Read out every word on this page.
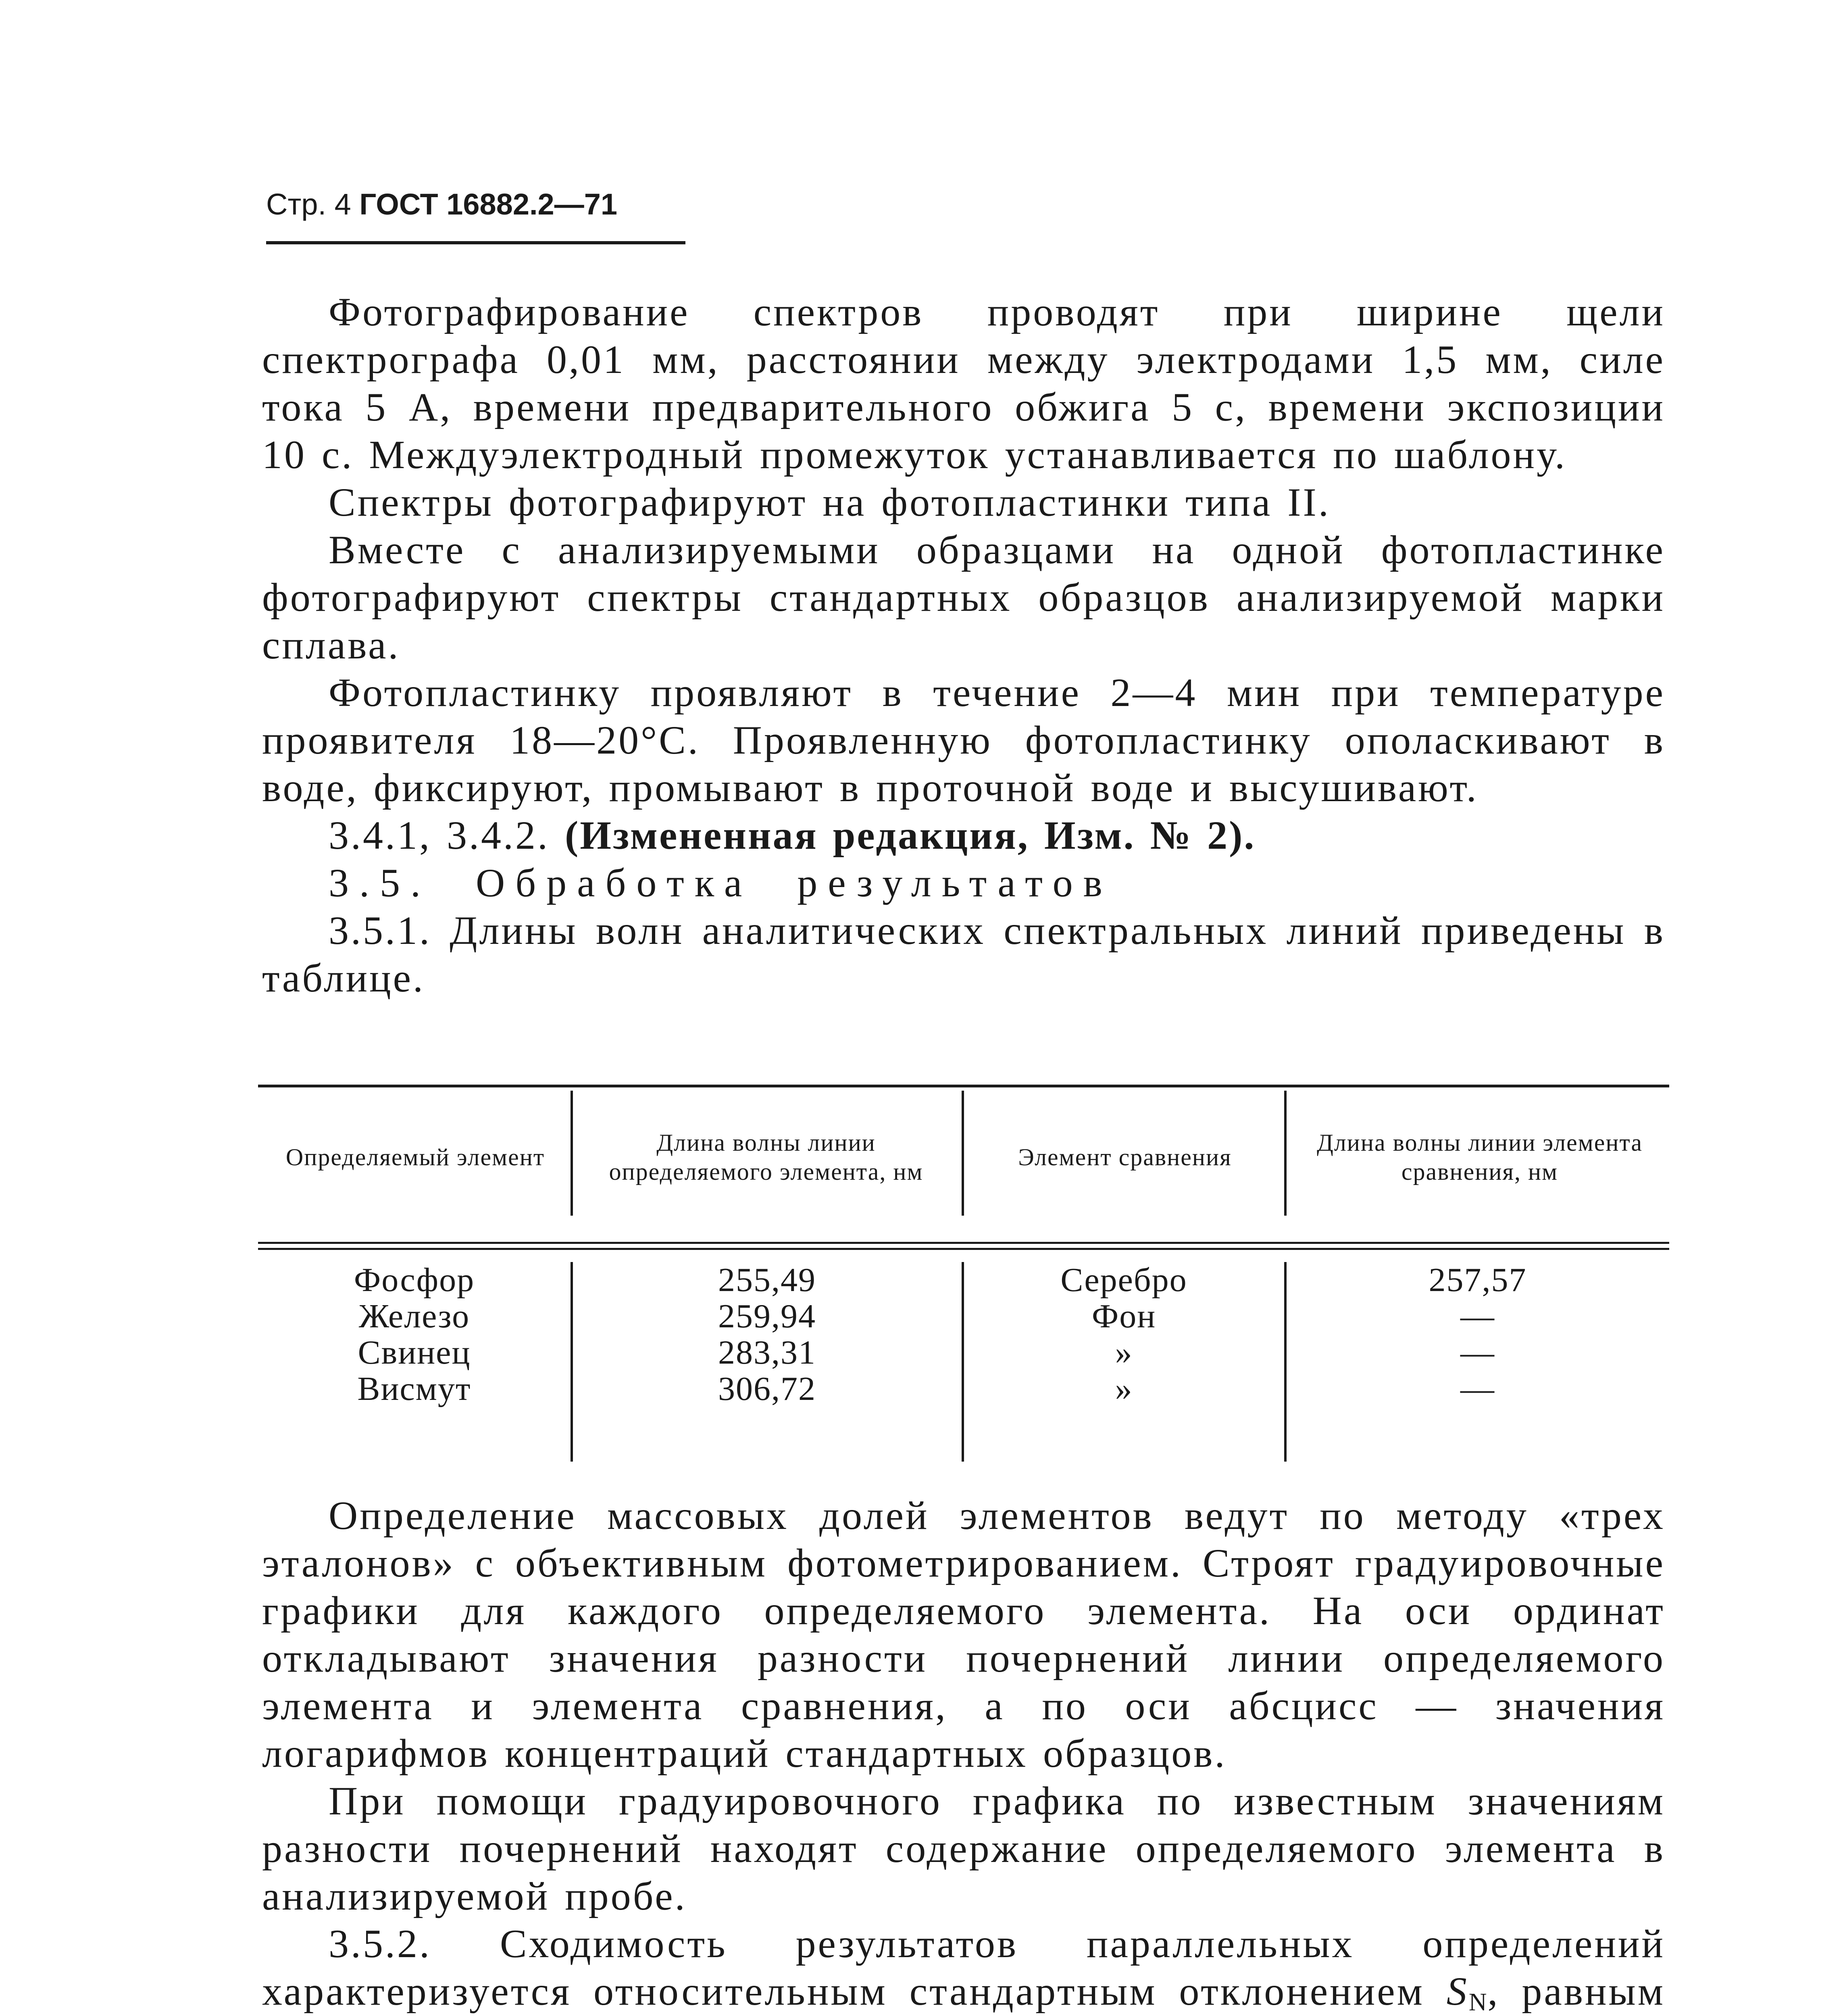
Стр. 4 ГОСТ 16882.2—71

Фотографирование спектров проводят при ширине щели спектрографа 0,01 мм, расстоянии между электродами 1,5 мм, силе тока 5 А, времени предварительного обжига 5 с, времени экспозиции 10 с. Междуэлектродный промежуток устанавливается по шаблону.

Спектры фотографируют на фотопластинки типа II.

Вместе с анализируемыми образцами на одной фотопластинке фотографируют спектры стандартных образцов анализируемой марки сплава.

Фотопластинку проявляют в течение 2—4 мин при температуре проявителя 18—20°С. Проявленную фотопластинку ополаскивают в воде, фиксируют, промывают в проточной воде и высушивают.

3.4.1, 3.4.2. (Измененная редакция, Изм. № 2).

3.5. Обработка результатов

3.5.1. Длины волн аналитических спектральных линий приведены в таблице.

Определяемый элемент
Длина волны линии определяемого элемента, нм
Элемент сравнения
Длина волны линии элемента сравнения, нм
Фосфор
Железо
Свинец
Висмут
255,49
259,94
283,31
306,72
Серебро
Фон
»
»
257,57
—
—
—

Определение массовых долей элементов ведут по методу «трех эталонов» с объективным фотометрированием. Строят градуировочные графики для каждого определяемого элемента. На оси ординат откладывают значения разности почернений линии определяемого элемента и элемента сравнения, а по оси абсцисс — значения логарифмов концентраций стандартных образцов.

При помощи градуировочного графика по известным значениям разности почернений находят содержание определяемого элемента в анализируемой пробе.

3.5.2. Сходимость результатов параллельных определений характеризуется относительным стандартным отклонением $S_N$, равным
